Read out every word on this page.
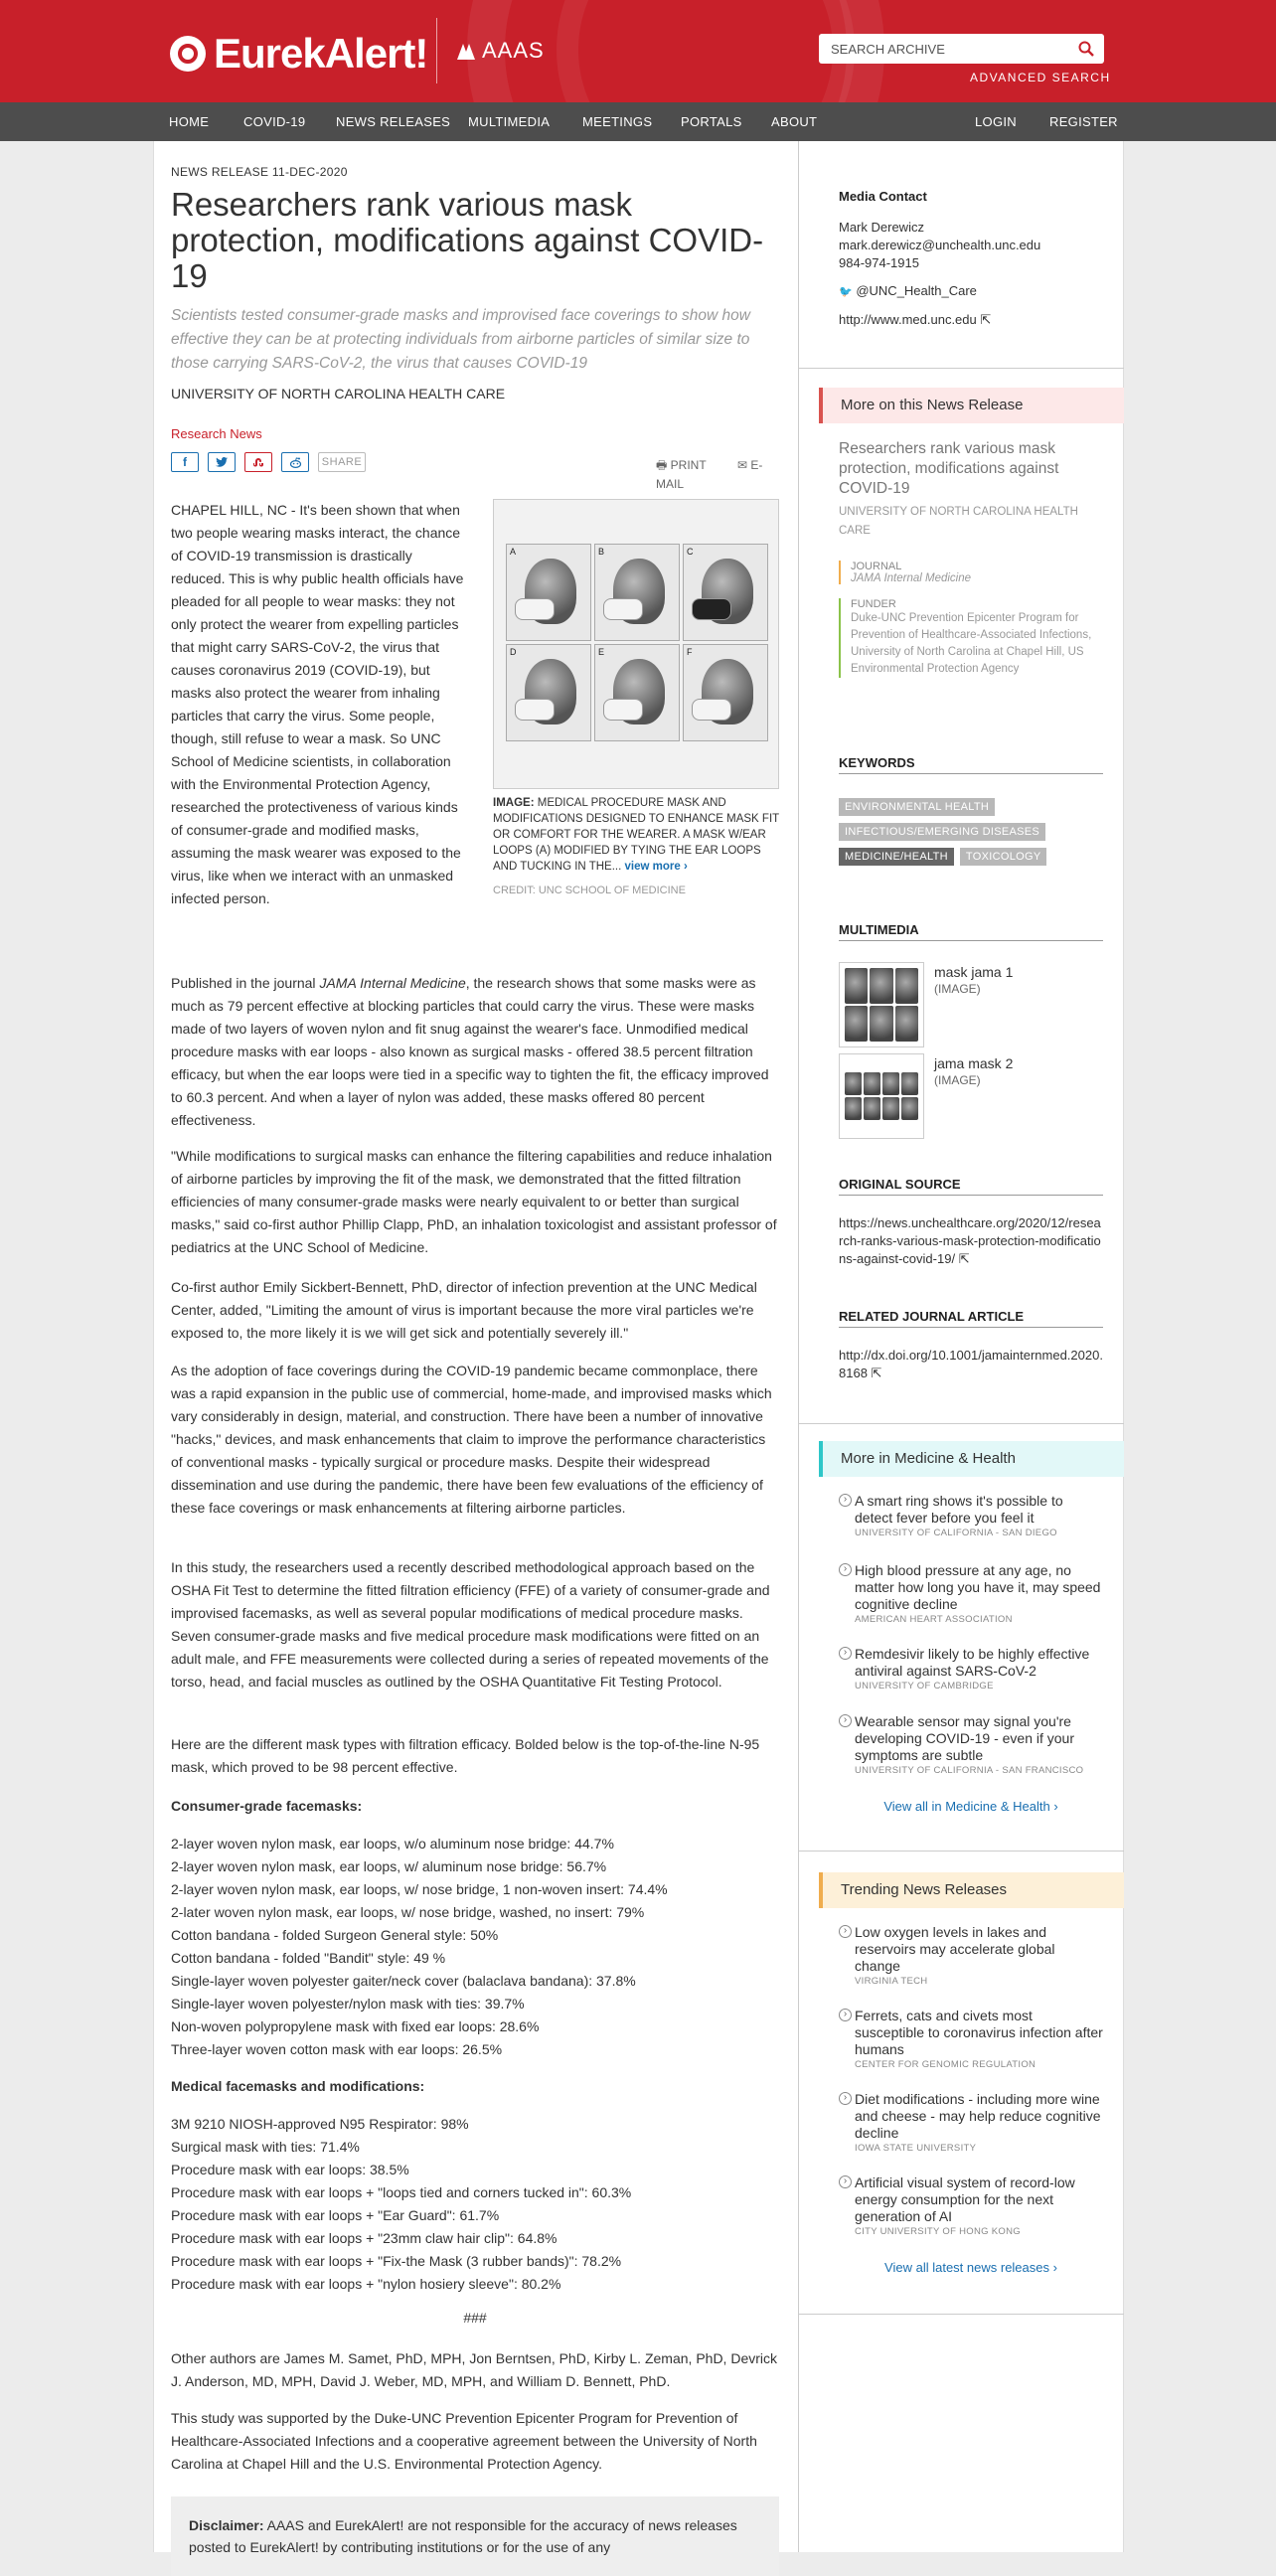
EurekAlert! AAAS
SEARCH ARCHIVE
ADVANCED SEARCH
HOME	COVID-19 NEWS RELEASES MULTIMEDIA	MEETINGS PORTALS ABOUT	LOGIN	REGISTER
NEWS RELEASE 11-DEC-2020
Researchers rank various mask protection, modifications against COVID-19
Scientists tested consumer-grade masks and improvised face coverings to show how effective they can be at protecting individuals from airborne particles of similar size to those carrying SARS-CoV-2, the virus that causes COVID-19
UNIVERSITY OF NORTH CAROLINA HEALTH CARE
Research News
f	SHARE	🖶 PRINT	✉ E-MAIL
A	B	C
D	E	F
IMAGE: MEDICAL PROCEDURE MASK AND MODIFICATIONS DESIGNED TO ENHANCE MASK FIT OR COMFORT FOR THE WEARER. A MASK W/EAR LOOPS (A) MODIFIED BY TYING THE EAR LOOPS AND TUCKING IN THE... view more ›
CREDIT: UNC SCHOOL OF MEDICINE

CHAPEL HILL, NC - It's been shown that when two people wearing masks interact, the chance of COVID-19 transmission is drastically reduced. This is why public health officials have pleaded for all people to wear masks: they not only protect the wearer from expelling particles that might carry SARS-CoV-2, the virus that causes coronavirus 2019 (COVID-19), but masks also protect the wearer from inhaling particles that carry the virus. Some people, though, still refuse to wear a mask. So UNC School of Medicine scientists, in collaboration with the Environmental Protection Agency, researched the protectiveness of various kinds of consumer-grade and modified masks, assuming the mask wearer was exposed to the virus, like when we interact with an unmasked infected person.

Published in the journal JAMA Internal Medicine, the research shows that some masks were as much as 79 percent effective at blocking particles that could carry the virus. These were masks made of two layers of woven nylon and fit snug against the wearer's face. Unmodified medical procedure masks with ear loops - also known as surgical masks - offered 38.5 percent filtration efficacy, but when the ear loops were tied in a specific way to tighten the fit, the efficacy improved to 60.3 percent. And when a layer of nylon was added, these masks offered 80 percent effectiveness.

"While modifications to surgical masks can enhance the filtering capabilities and reduce inhalation of airborne particles by improving the fit of the mask, we demonstrated that the fitted filtration efficiencies of many consumer-grade masks were nearly equivalent to or better than surgical masks," said co-first author Phillip Clapp, PhD, an inhalation toxicologist and assistant professor of pediatrics at the UNC School of Medicine.

Co-first author Emily Sickbert-Bennett, PhD, director of infection prevention at the UNC Medical Center, added, "Limiting the amount of virus is important because the more viral particles we're exposed to, the more likely it is we will get sick and potentially severely ill."

As the adoption of face coverings during the COVID-19 pandemic became commonplace, there was a rapid expansion in the public use of commercial, home-made, and improvised masks which vary considerably in design, material, and construction. There have been a number of innovative "hacks," devices, and mask enhancements that claim to improve the performance characteristics of conventional masks - typically surgical or procedure masks. Despite their widespread dissemination and use during the pandemic, there have been few evaluations of the efficiency of these face coverings or mask enhancements at filtering airborne particles.

In this study, the researchers used a recently described methodological approach based on the OSHA Fit Test to determine the fitted filtration efficiency (FFE) of a variety of consumer-grade and improvised facemasks, as well as several popular modifications of medical procedure masks. Seven consumer-grade masks and five medical procedure mask modifications were fitted on an adult male, and FFE measurements were collected during a series of repeated movements of the torso, head, and facial muscles as outlined by the OSHA Quantitative Fit Testing Protocol.

Here are the different mask types with filtration efficacy. Bolded below is the top-of-the-line N-95 mask, which proved to be 98 percent effective.

Consumer-grade facemasks:

2-layer woven nylon mask, ear loops, w/o aluminum nose bridge: 44.7%
2-layer woven nylon mask, ear loops, w/ aluminum nose bridge: 56.7%
2-layer woven nylon mask, ear loops, w/ nose bridge, 1 non-woven insert: 74.4%
2-later woven nylon mask, ear loops, w/ nose bridge, washed, no insert: 79%
Cotton bandana - folded Surgeon General style: 50%
Cotton bandana - folded "Bandit" style: 49 %
Single-layer woven polyester gaiter/neck cover (balaclava bandana): 37.8%
Single-layer woven polyester/nylon mask with ties: 39.7%
Non-woven polypropylene mask with fixed ear loops: 28.6%
Three-layer woven cotton mask with ear loops: 26.5%

Medical facemasks and modifications:

3M 9210 NIOSH-approved N95 Respirator: 98%
Surgical mask with ties: 71.4%
Procedure mask with ear loops: 38.5%
Procedure mask with ear loops + "loops tied and corners tucked in": 60.3%
Procedure mask with ear loops + "Ear Guard": 61.7%
Procedure mask with ear loops + "23mm claw hair clip": 64.8%
Procedure mask with ear loops + "Fix-the Mask (3 rubber bands)": 78.2%
Procedure mask with ear loops + "nylon hosiery sleeve": 80.2%
###

Other authors are James M. Samet, PhD, MPH, Jon Berntsen, PhD, Kirby L. Zeman, PhD, Devrick J. Anderson, MD, MPH, David J. Weber, MD, MPH, and William D. Bennett, PhD.

This study was supported by the Duke-UNC Prevention Epicenter Program for Prevention of Healthcare-Associated Infections and a cooperative agreement between the University of North Carolina at Chapel Hill and the U.S. Environmental Protection Agency.

Disclaimer: AAAS and EurekAlert! are not responsible for the accuracy of news releases posted to EurekAlert! by contributing institutions or for the use of any
Media Contact
Mark Derewicz
mark.derewicz@unchealth.unc.edu
984-974-1915
🐦 @UNC_Health_Care
http://www.med.unc.edu ⇱
More on this News Release
Researchers rank various mask protection, modifications against COVID-19
UNIVERSITY OF NORTH CAROLINA HEALTH CARE
JOURNAL
JAMA Internal Medicine
FUNDER
Duke-UNC Prevention Epicenter Program for Prevention of Healthcare-Associated Infections, University of North Carolina at Chapel Hill, US Environmental Protection Agency
KEYWORDS
ENVIRONMENTAL HEALTH
INFECTIOUS/EMERGING DISEASES
MEDICINE/HEALTH TOXICOLOGY
MULTIMEDIA
mask jama 1
(IMAGE)
jama mask 2
(IMAGE)
ORIGINAL SOURCE
https://news.unchealthcare.org/2020/12/research-ranks-various-mask-protection-modifications-against-covid-19/ ⇱
RELATED JOURNAL ARTICLE
http://dx.doi.org/10.1001/jamainternmed.2020.8168 ⇱
More in Medicine & Health
› A smart ring shows it's possible to detect fever before you feel it
UNIVERSITY OF CALIFORNIA - SAN DIEGO
› High blood pressure at any age, no matter how long you have it, may speed cognitive decline
AMERICAN HEART ASSOCIATION
› Remdesivir likely to be highly effective antiviral against SARS-CoV-2
UNIVERSITY OF CAMBRIDGE
› Wearable sensor may signal you're developing COVID-19 - even if your symptoms are subtle
UNIVERSITY OF CALIFORNIA - SAN FRANCISCO
View all in Medicine & Health ›
Trending News Releases
› Low oxygen levels in lakes and reservoirs may accelerate global change
VIRGINIA TECH
› Ferrets, cats and civets most susceptible to coronavirus infection after humans
CENTER FOR GENOMIC REGULATION
› Diet modifications - including more wine and cheese - may help reduce cognitive decline
IOWA STATE UNIVERSITY
› Artificial visual system of record-low energy consumption for the next generation of AI
CITY UNIVERSITY OF HONG KONG
View all latest news releases ›
